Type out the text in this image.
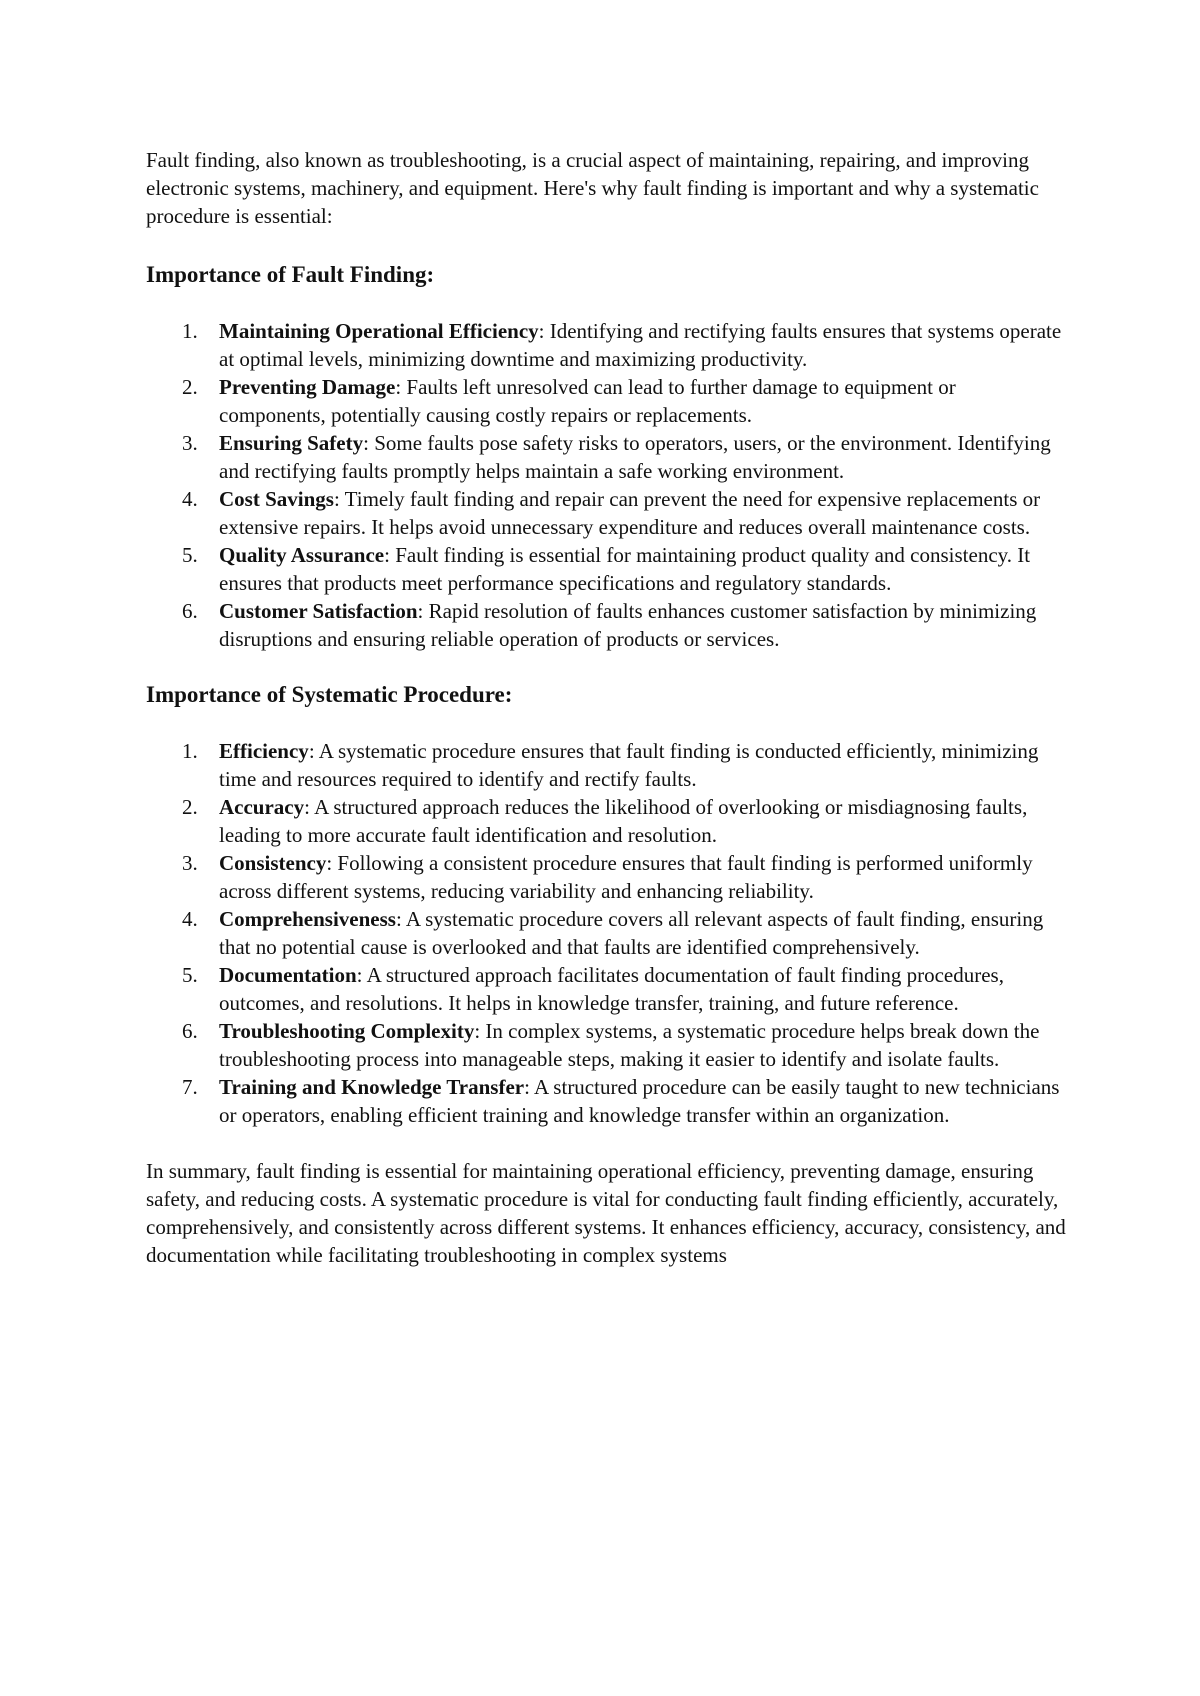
Fault finding, also known as troubleshooting, is a crucial aspect of maintaining, repairing, and improving electronic systems, machinery, and equipment. Here's why fault finding is important and why a systematic procedure is essential:

Importance of Fault Finding:
1.	Maintaining Operational Efficiency: Identifying and rectifying faults ensures that systems operate at optimal levels, minimizing downtime and maximizing productivity.
2.	Preventing Damage: Faults left unresolved can lead to further damage to equipment or components, potentially causing costly repairs or replacements.
3.	Ensuring Safety: Some faults pose safety risks to operators, users, or the environment. Identifying and rectifying faults promptly helps maintain a safe working environment.
4.	Cost Savings: Timely fault finding and repair can prevent the need for expensive replacements or extensive repairs. It helps avoid unnecessary expenditure and reduces overall maintenance costs.
5.	Quality Assurance: Fault finding is essential for maintaining product quality and consistency. It ensures that products meet performance specifications and regulatory standards.
6.	Customer Satisfaction: Rapid resolution of faults enhances customer satisfaction by minimizing disruptions and ensuring reliable operation of products or services.
Importance of Systematic Procedure:
1.	Efficiency: A systematic procedure ensures that fault finding is conducted efficiently, minimizing time and resources required to identify and rectify faults.
2.	Accuracy: A structured approach reduces the likelihood of overlooking or misdiagnosing faults, leading to more accurate fault identification and resolution.
3.	Consistency: Following a consistent procedure ensures that fault finding is performed uniformly across different systems, reducing variability and enhancing reliability.
4.	Comprehensiveness: A systematic procedure covers all relevant aspects of fault finding, ensuring that no potential cause is overlooked and that faults are identified comprehensively.
5.	Documentation: A structured approach facilitates documentation of fault finding procedures, outcomes, and resolutions. It helps in knowledge transfer, training, and future reference.
6.	Troubleshooting Complexity: In complex systems, a systematic procedure helps break down the troubleshooting process into manageable steps, making it easier to identify and isolate faults.
7.	Training and Knowledge Transfer: A structured procedure can be easily taught to new technicians or operators, enabling efficient training and knowledge transfer within an organization.

In summary, fault finding is essential for maintaining operational efficiency, preventing damage, ensuring safety, and reducing costs. A systematic procedure is vital for conducting fault finding efficiently, accurately, comprehensively, and consistently across different systems. It enhances efficiency, accuracy, consistency, and documentation while facilitating troubleshooting in complex systems
